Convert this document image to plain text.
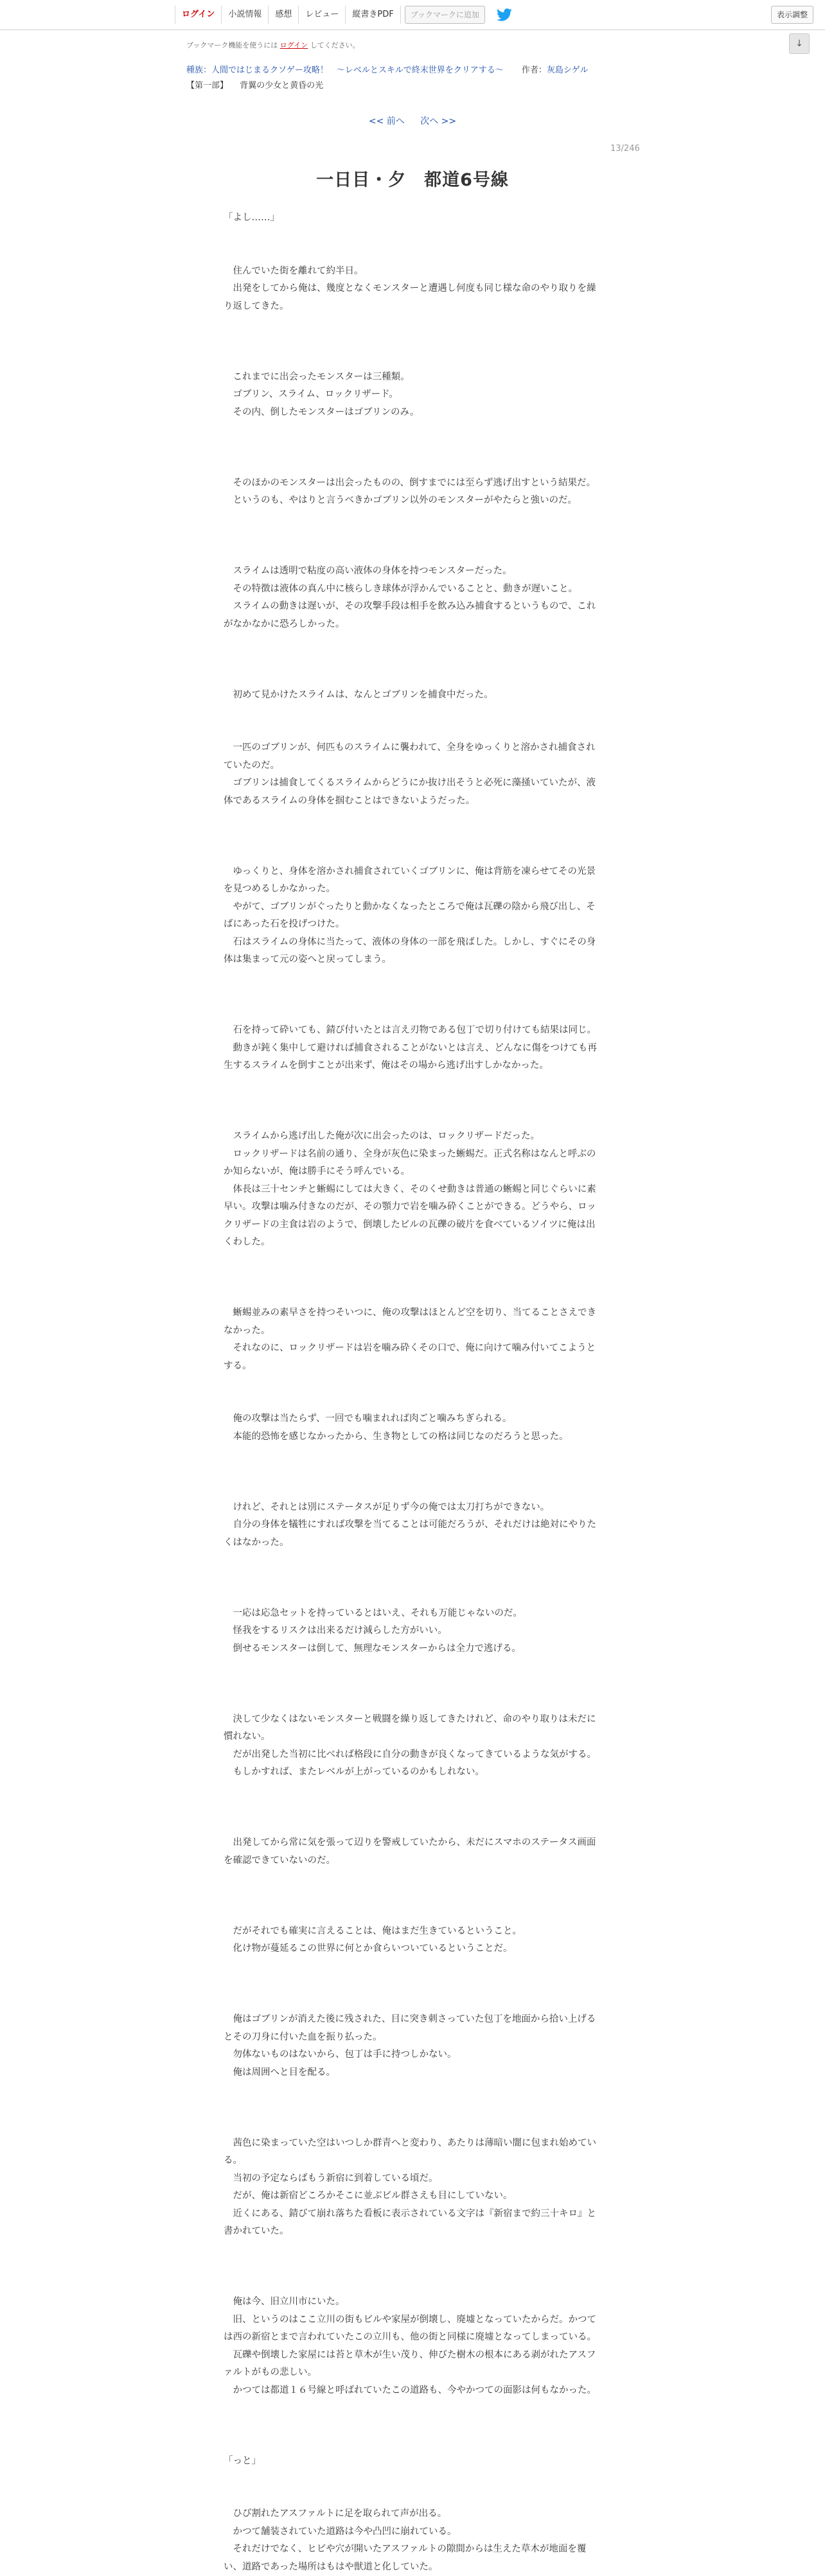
ログイン	小説情報	感想	レビュー	縦書きPDF	ブックマークに追加	表示調整
↓
ブックマーク機能を使うには ログイン してください。
種族：人間ではじまるクソゲー攻略！　～レベルとスキルで終末世界をクリアする～ 作者：灰島シゲル
【第一部】 背翼の少女と黄昏の光
<< 前へ 次へ >>
13/246
一日目・夕　都道6号線

「よし……」

　住んでいた街を離れて約半日。

　出発をしてから俺は、幾度となくモンスターと遭遇し何度も同じ様な命のやり取りを繰り返してきた。

　これまでに出会ったモンスターは三種類。

　ゴブリン、スライム、ロックリザード。

　その内、倒したモンスターはゴブリンのみ。

　そのほかのモンスターは出会ったものの、倒すまでには至らず逃げ出すという結果だ。

　というのも、やはりと言うべきかゴブリン以外のモンスターがやたらと強いのだ。

　スライムは透明で粘度の高い液体の身体を持つモンスターだった。

　その特徴は液体の真ん中に核らしき球体が浮かんでいることと、動きが遅いこと。

　スライムの動きは遅いが、その攻撃手段は相手を飲み込み捕食するというもので、これがなかなかに恐ろしかった。

　初めて見かけたスライムは、なんとゴブリンを捕食中だった。

　一匹のゴブリンが、何匹ものスライムに襲われて、全身をゆっくりと溶かされ捕食されていたのだ。

　ゴブリンは捕食してくるスライムからどうにか抜け出そうと必死に藻掻いていたが、液体であるスライムの身体を掴むことはできないようだった。

　ゆっくりと、身体を溶かされ捕食されていくゴブリンに、俺は背筋を凍らせてその光景を見つめるしかなかった。

　やがて、ゴブリンがぐったりと動かなくなったところで俺は瓦礫の陰から飛び出し、そばにあった石を投げつけた。

　石はスライムの身体に当たって、液体の身体の一部を飛ばした。しかし、すぐにその身体は集まって元の姿へと戻ってしまう。

　石を持って砕いても、錆び付いたとは言え刃物である包丁で切り付けても結果は同じ。

　動きが鈍く集中して避ければ捕食されることがないとは言え、どんなに傷をつけても再生するスライムを倒すことが出来ず、俺はその場から逃げ出すしかなかった。

　スライムから逃げ出した俺が次に出会ったのは、ロックリザードだった。

　ロックリザードは名前の通り、全身が灰色に染まった蜥蜴だ。正式名称はなんと呼ぶのか知らないが、俺は勝手にそう呼んでいる。

　体長は三十センチと蜥蜴にしては大きく、そのくせ動きは普通の蜥蜴と同じぐらいに素早い。攻撃は噛み付きなのだが、その顎力で岩を噛み砕くことができる。どうやら、ロックリザードの主食は岩のようで、倒壊したビルの瓦礫の破片を食べているソイツに俺は出くわした。

　蜥蜴並みの素早さを持つそいつに、俺の攻撃はほとんど空を切り、当てることさえできなかった。

　それなのに、ロックリザードは岩を噛み砕くその口で、俺に向けて噛み付いてこようとする。

　俺の攻撃は当たらず、一回でも噛まれれば肉ごと噛みちぎられる。

　本能的恐怖を感じなかったから、生き物としての格は同じなのだろうと思った。

　けれど、それとは別にステータスが足りず今の俺では太刀打ちができない。

　自分の身体を犠牲にすれば攻撃を当てることは可能だろうが、それだけは絶対にやりたくはなかった。

　一応は応急セットを持っているとはいえ、それも万能じゃないのだ。

　怪我をするリスクは出来るだけ減らした方がいい。

　倒せるモンスターは倒して、無理なモンスターからは全力で逃げる。

　決して少なくはないモンスターと戦闘を繰り返してきたけれど、命のやり取りは未だに慣れない。

　だが出発した当初に比べれば格段に自分の動きが良くなってきているような気がする。

　もしかすれば、またレベルが上がっているのかもしれない。

　出発してから常に気を張って辺りを警戒していたから、未だにスマホのステータス画面を確認できていないのだ。

　だがそれでも確実に言えることは、俺はまだ生きているということ。

　化け物が蔓延るこの世界に何とか食らいついているということだ。

　俺はゴブリンが消えた後に残された、目に突き刺さっていた包丁を地面から拾い上げるとその刀身に付いた血を振り払った。

　勿体ないものはないから、包丁は手に持つしかない。

　俺は周囲へと目を配る。

　茜色に染まっていた空はいつしか群青へと変わり、あたりは薄暗い闇に包まれ始めている。

　当初の予定ならばもう新宿に到着している頃だ。

　だが、俺は新宿どころかそこに並ぶビル群さえも目にしていない。

　近くにある、錆びて崩れ落ちた看板に表示されている文字は『新宿まで約三十キロ』と書かれていた。

　俺は今、旧立川市にいた。

　旧、というのはここ立川の街もビルや家屋が倒壊し、廃墟となっていたからだ。かつては西の新宿とまで言われていたこの立川も、他の街と同様に廃墟となってしまっている。

　瓦礫や倒壊した家屋には苔と草木が生い茂り、伸びた樹木の根本にある剥がれたアスファルトがもの悲しい。

　かつては都道１６号線と呼ばれていたこの道路も、今やかつての面影は何もなかった。

「っと」

　ひび割れたアスファルトに足を取られて声が出る。

　かつて舗装されていた道路は今や凸凹に崩れている。

　それだけでなく、ヒビや穴が開いたアスファルトの隙間からは生えた草木が地面を覆い、道路であった場所はもはや獣道と化していた。
